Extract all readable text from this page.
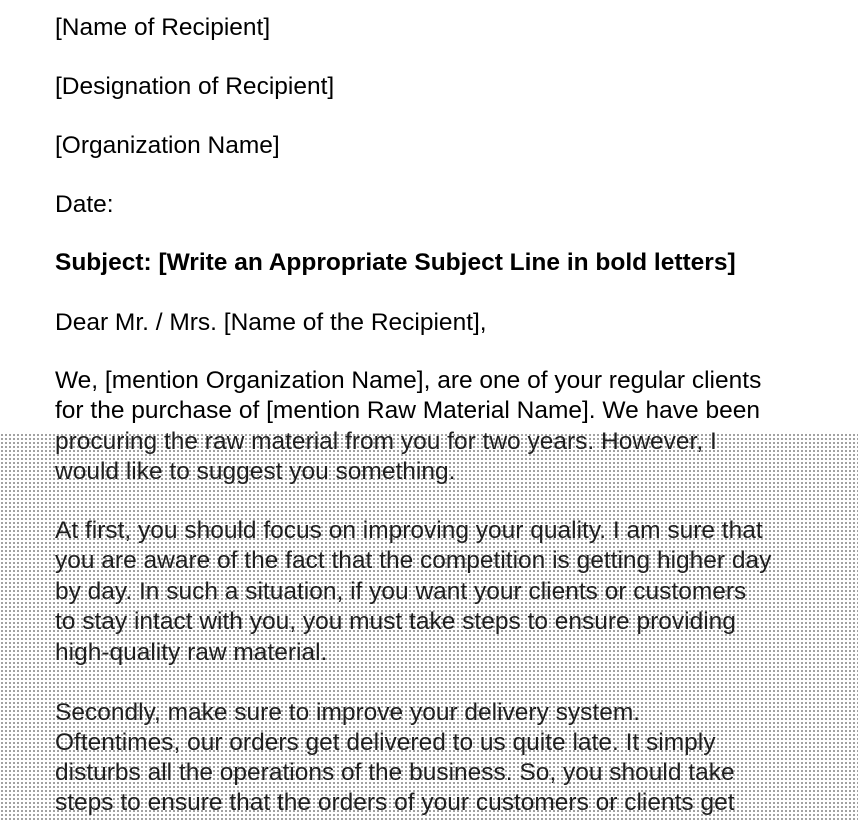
[Name of Recipient]
[Designation of Recipient]
[Organization Name]
Date:
Subject: [Write an Appropriate Subject Line in bold letters]
Dear Mr. / Mrs. [Name of the Recipient],
We, [mention Organization Name], are one of your regular clients
for the purchase of [mention Raw Material Name]. We have been
procuring the raw material from you for two years. However, I
would like to suggest you something.
At first, you should focus on improving your quality. I am sure that
you are aware of the fact that the competition is getting higher day
by day. In such a situation, if you want your clients or customers
to stay intact with you, you must take steps to ensure providing
high-quality raw material.
Secondly, make sure to improve your delivery system.
Oftentimes, our orders get delivered to us quite late. It simply
disturbs all the operations of the business. So, you should take
steps to ensure that the orders of your customers or clients get
